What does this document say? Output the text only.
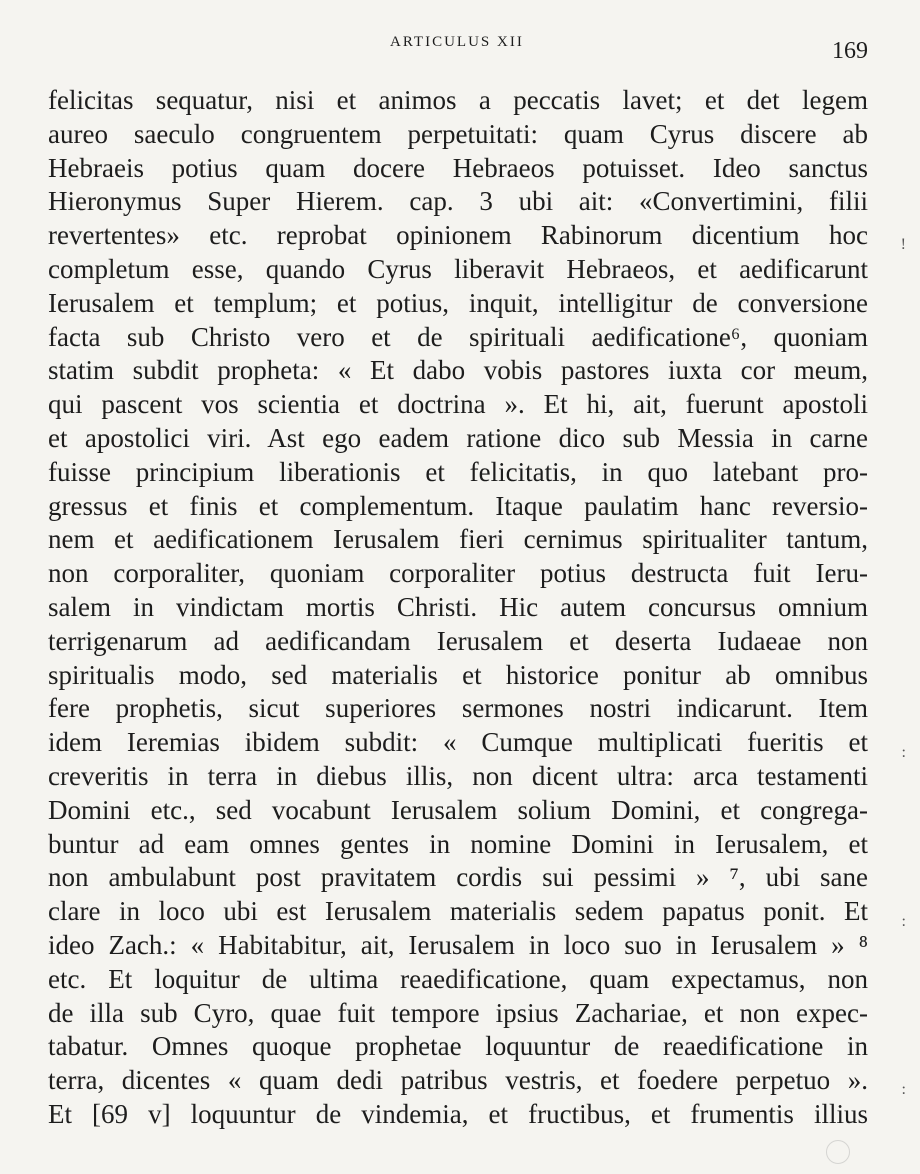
ARTICULUS XII	169
felicitas sequatur, nisi et animos a peccatis lavet; et det legem
aureo saeculo congruentem perpetuitati: quam Cyrus discere ab
Hebraeis potius quam docere Hebraeos potuisset. Ideo sanctus
Hieronymus Super Hierem. cap. 3 ubi ait: «Convertimini, filii
revertentes» etc. reprobat opinionem Rabinorum dicentium hoc
completum esse, quando Cyrus liberavit Hebraeos, et aedificarunt
Ierusalem et templum; et potius, inquit, intelligitur de conversione
facta sub Christo vero et de spirituali aedificatione⁶, quoniam
statim subdit propheta: « Et dabo vobis pastores iuxta cor meum,
qui pascent vos scientia et doctrina ». Et hi, ait, fuerunt apostoli
et apostolici viri. Ast ego eadem ratione dico sub Messia in carne
fuisse principium liberationis et felicitatis, in quo latebant pro-
gressus et finis et complementum. Itaque paulatim hanc reversio-
nem et aedificationem Ierusalem fieri cernimus spiritualiter tantum,
non corporaliter, quoniam corporaliter potius destructa fuit Ieru-
salem in vindictam mortis Christi. Hic autem concursus omnium
terrigenarum ad aedificandam Ierusalem et deserta Iudaeae non
spiritualis modo, sed materialis et historice ponitur ab omnibus
fere prophetis, sicut superiores sermones nostri indicarunt. Item
idem Ieremias ibidem subdit: « Cumque multiplicati fueritis et
creveritis in terra in diebus illis, non dicent ultra: arca testamenti
Domini etc., sed vocabunt Ierusalem solium Domini, et congrega-
buntur ad eam omnes gentes in nomine Domini in Ierusalem, et
non ambulabunt post pravitatem cordis sui pessimi » ⁷, ubi sane
clare in loco ubi est Ierusalem materialis sedem papatus ponit. Et
ideo Zach.: « Habitabitur, ait, Ierusalem in loco suo in Ierusalem » ⁸
etc. Et loquitur de ultima reaedificatione, quam expectamus, non
de illa sub Cyro, quae fuit tempore ipsius Zachariae, et non expec-
tabatur. Omnes quoque prophetae loquuntur de reaedificatione in
terra, dicentes « quam dedi patribus vestris, et foedere perpetuo ».
Et [69 v] loquuntur de vindemia, et fructibus, et frumentis illius
!
:
:
:
